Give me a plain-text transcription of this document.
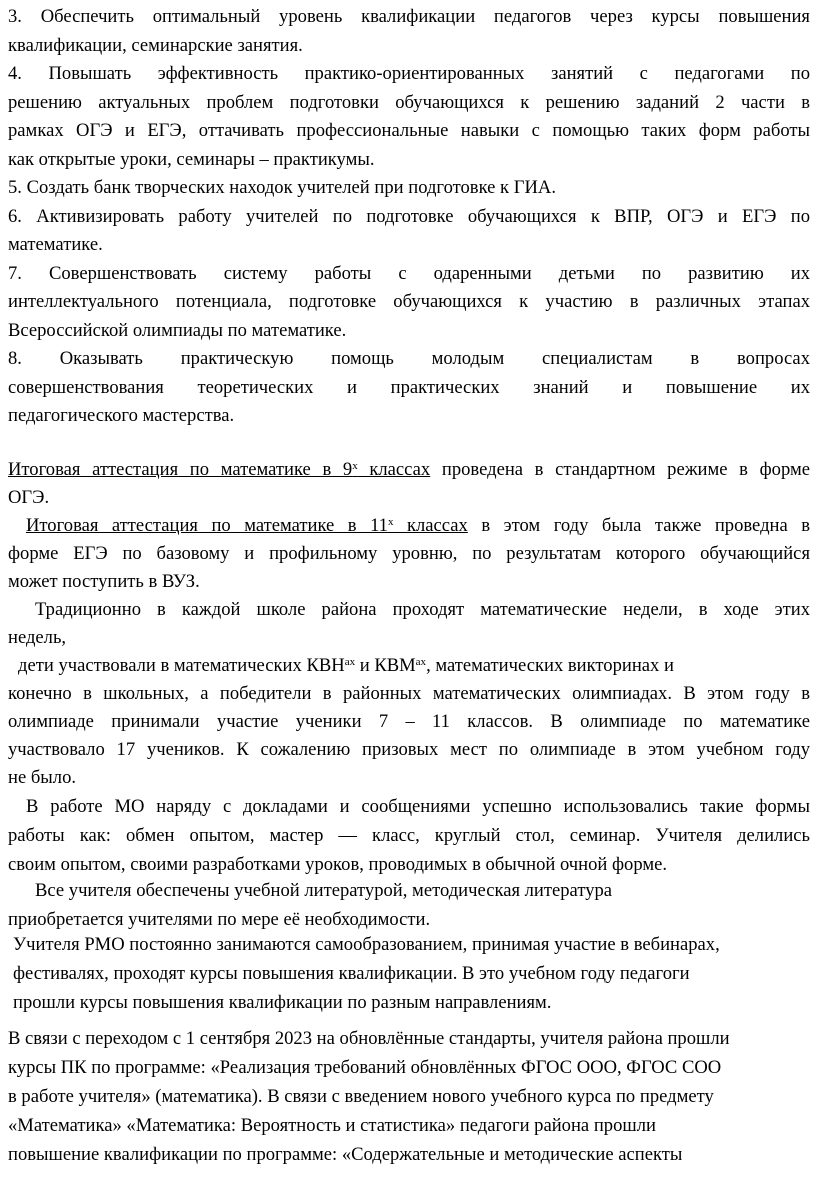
3. Обеспечить оптимальный уровень квалификации педагогов через курсы повышения

квалификации, семинарские занятия.

4. Повышать эффективность практико-ориентированных занятий с педагогами по

решению актуальных проблем подготовки обучающихся к решению заданий 2 части в

рамках ОГЭ и ЕГЭ, оттачивать профессиональные навыки с помощью таких форм работы

как открытые уроки, семинары – практикумы.

5. Создать банк творческих находок учителей при подготовке к ГИА.

6. Активизировать работу учителей по подготовке обучающихся к ВПР, ОГЭ и ЕГЭ по

математике.

7. Совершенствовать систему работы с одаренными детьми по развитию их

интеллектуального потенциала, подготовке обучающихся к участию в различных этапах

Всероссийской олимпиады по математике.

8. Оказывать практическую помощь молодым специалистам в вопросах

совершенствования теоретических и практических знаний и повышение их

педагогического мастерства.

Итоговая аттестация по математике в $9^х$ классах проведена в стандартном режиме в форме

ОГЭ.

Итоговая аттестация по математике в $11^х$ классах в этом году была также проведна в

форме ЕГЭ по базовому и профильному уровню, по результатам которого обучающийся

может поступить в ВУЗ.

Традиционно в каждой школе района проходят математические недели, в ходе этих

недель,

дети участвовали в математических $КВН^{ах}$ и $КВМ^{ах}$, математических викторинах и

конечно в школьных, а победители в районных математических олимпиадах. В этом году в

олимпиаде принимали участие ученики 7 – 11 классов. В олимпиаде по математике

участвовало 17 учеников. К сожалению призовых мест по олимпиаде в этом учебном году

не было.

В работе МО наряду с докладами и сообщениями успешно использовались такие формы

работы как: обмен опытом, мастер — класс, круглый стол, семинар. Учителя делились

своим опытом, своими разработками уроков, проводимых в обычной очной форме.

Все учителя обеспечены учебной литературой, методическая литература

приобретается учителями по мере её необходимости.

Учителя РМО постоянно занимаются самообразованием, принимая участие в вебинарах,

фестивалях, проходят курсы повышения квалификации. В это учебном году педагоги

прошли курсы повышения квалификации по разным направлениям.

В связи с переходом с 1 сентября 2023 на обновлённые стандарты, учителя района прошли

курсы ПК по программе: «Реализация требований обновлённых ФГОС ООО, ФГОС СОО

в работе учителя» (математика). В связи с введением нового учебного курса по предмету

«Математика» «Математика: Вероятность и статистика» педагоги района прошли

повышение квалификации по программе: «Содержательные и методические аспекты
